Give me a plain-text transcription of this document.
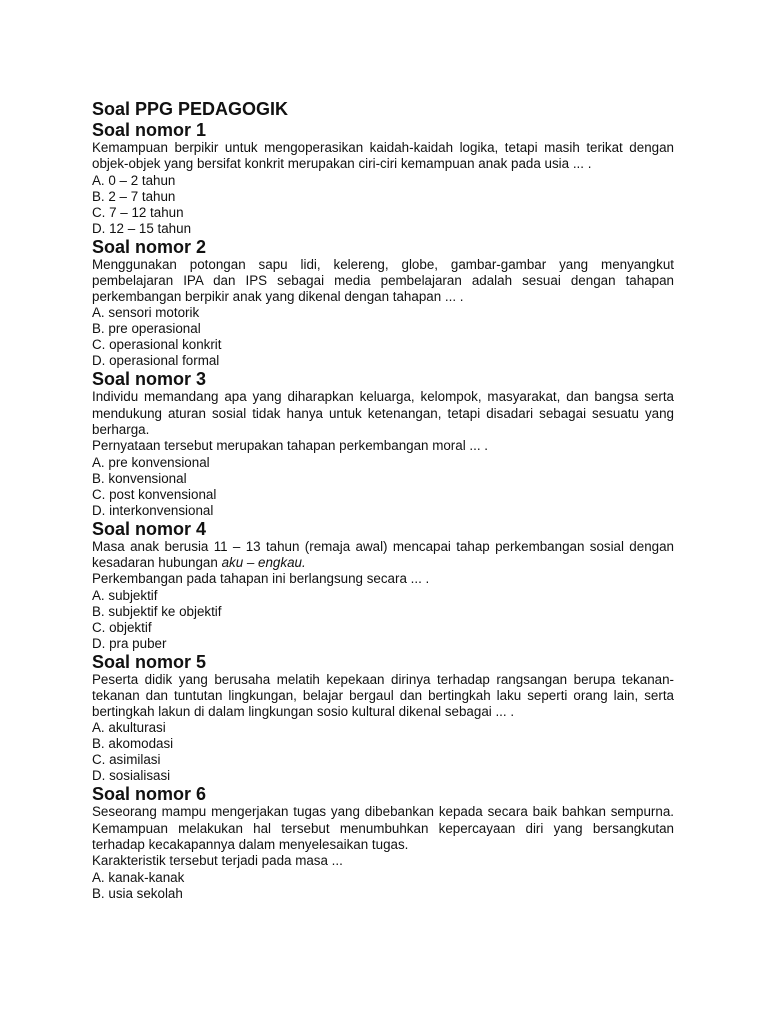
Soal PPG PEDAGOGIK
Soal nomor 1

Kemampuan berpikir untuk mengoperasikan kaidah-kaidah logika, tetapi masih terikat dengan objek-objek yang bersifat konkrit merupakan ciri-ciri kemampuan anak pada usia ... .

A. 0 – 2 tahun

B. 2 – 7 tahun

C. 7 – 12 tahun

D. 12 – 15 tahun

Soal nomor 2

Menggunakan potongan sapu lidi, kelereng, globe, gambar-gambar yang menyangkut pembelajaran IPA dan IPS sebagai media pembelajaran adalah sesuai dengan tahapan perkembangan berpikir anak yang dikenal dengan tahapan ... .

A. sensori motorik

B. pre operasional

C. operasional konkrit

D. operasional formal

Soal nomor 3

Individu memandang apa yang diharapkan keluarga, kelompok, masyarakat, dan bangsa serta mendukung aturan sosial tidak hanya untuk ketenangan, tetapi disadari sebagai sesuatu yang berharga.

Pernyataan tersebut merupakan tahapan perkembangan moral ... .

A. pre konvensional

B. konvensional

C. post konvensional

D. interkonvensional

Soal nomor 4

Masa anak berusia 11 – 13 tahun (remaja awal) mencapai tahap perkembangan sosial dengan kesadaran hubungan aku – engkau.

Perkembangan pada tahapan ini berlangsung secara ... .

A. subjektif

B. subjektif ke objektif

C. objektif

D. pra puber

Soal nomor 5

Peserta didik yang berusaha melatih kepekaan dirinya terhadap rangsangan berupa tekanan-tekanan dan tuntutan lingkungan, belajar bergaul dan bertingkah laku seperti orang lain, serta bertingkah lakun di dalam lingkungan sosio kultural dikenal sebagai ... .

A. akulturasi

B. akomodasi

C. asimilasi

D. sosialisasi

Soal nomor 6

Seseorang mampu mengerjakan tugas yang dibebankan kepada secara baik bahkan sempurna. Kemampuan melakukan hal tersebut menumbuhkan kepercayaan diri yang bersangkutan terhadap kecakapannya dalam menyelesaikan tugas.

Karakteristik tersebut terjadi pada masa ...

A. kanak-kanak

B. usia sekolah
